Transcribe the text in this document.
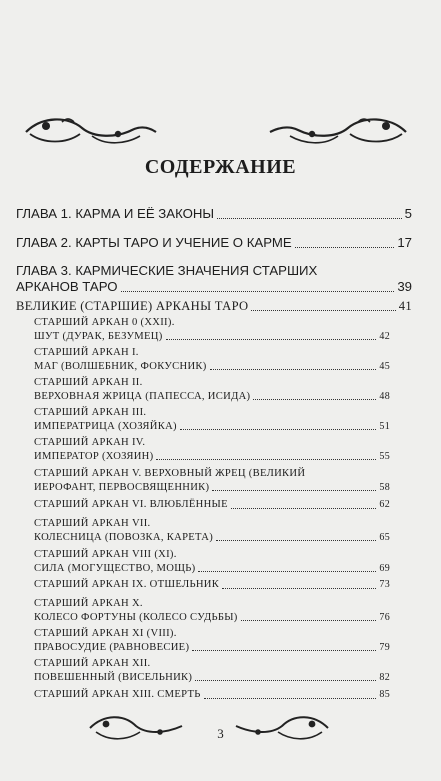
СОДЕРЖАНИЕ
ГЛАВА 1. КАРМА И ЕЁ ЗАКОНЫ	5
ГЛАВА 2. КАРТЫ ТАРО И УЧЕНИЕ О КАРМЕ	17
ГЛАВА 3. КАРМИЧЕСКИЕ ЗНАЧЕНИЯ СТАРШИХ
АРКАНОВ ТАРО	39
ВЕЛИКИЕ (СТАРШИЕ) АРКАНЫ ТАРО	41
СТАРШИЙ АРКАН 0 (XXII).
ШУТ (ДУРАК, БЕЗУМЕЦ)	42
СТАРШИЙ АРКАН I.
МАГ (ВОЛШЕБНИК, ФОКУСНИК)	45
СТАРШИЙ АРКАН II.
ВЕРХОВНАЯ ЖРИЦА (ПАПЕССА, ИСИДА)	48
СТАРШИЙ АРКАН III.
ИМПЕРАТРИЦА (ХОЗЯЙКА)	51
СТАРШИЙ АРКАН IV.
ИМПЕРАТОР (ХОЗЯИН)	55
СТАРШИЙ АРКАН V. ВЕРХОВНЫЙ ЖРЕЦ (ВЕЛИКИЙ
ИЕРОФАНТ, ПЕРВОСВЯЩЕННИК)	58
СТАРШИЙ АРКАН VI. ВЛЮБЛЁННЫЕ	62
СТАРШИЙ АРКАН VII.
КОЛЕСНИЦА (ПОВОЗКА, КАРЕТА)	65
СТАРШИЙ АРКАН VIII (XI).
СИЛА (МОГУЩЕСТВО, МОЩЬ)	69
СТАРШИЙ АРКАН IX. ОТШЕЛЬНИК	73
СТАРШИЙ АРКАН X.
КОЛЕСО ФОРТУНЫ (КОЛЕСО СУДЬБЫ)	76
СТАРШИЙ АРКАН XI (VIII).
ПРАВОСУДИЕ (РАВНОВЕСИЕ)	79
СТАРШИЙ АРКАН XII.
ПОВЕШЕННЫЙ (ВИСЕЛЬНИК)	82
СТАРШИЙ АРКАН XIII. СМЕРТЬ	85
3
